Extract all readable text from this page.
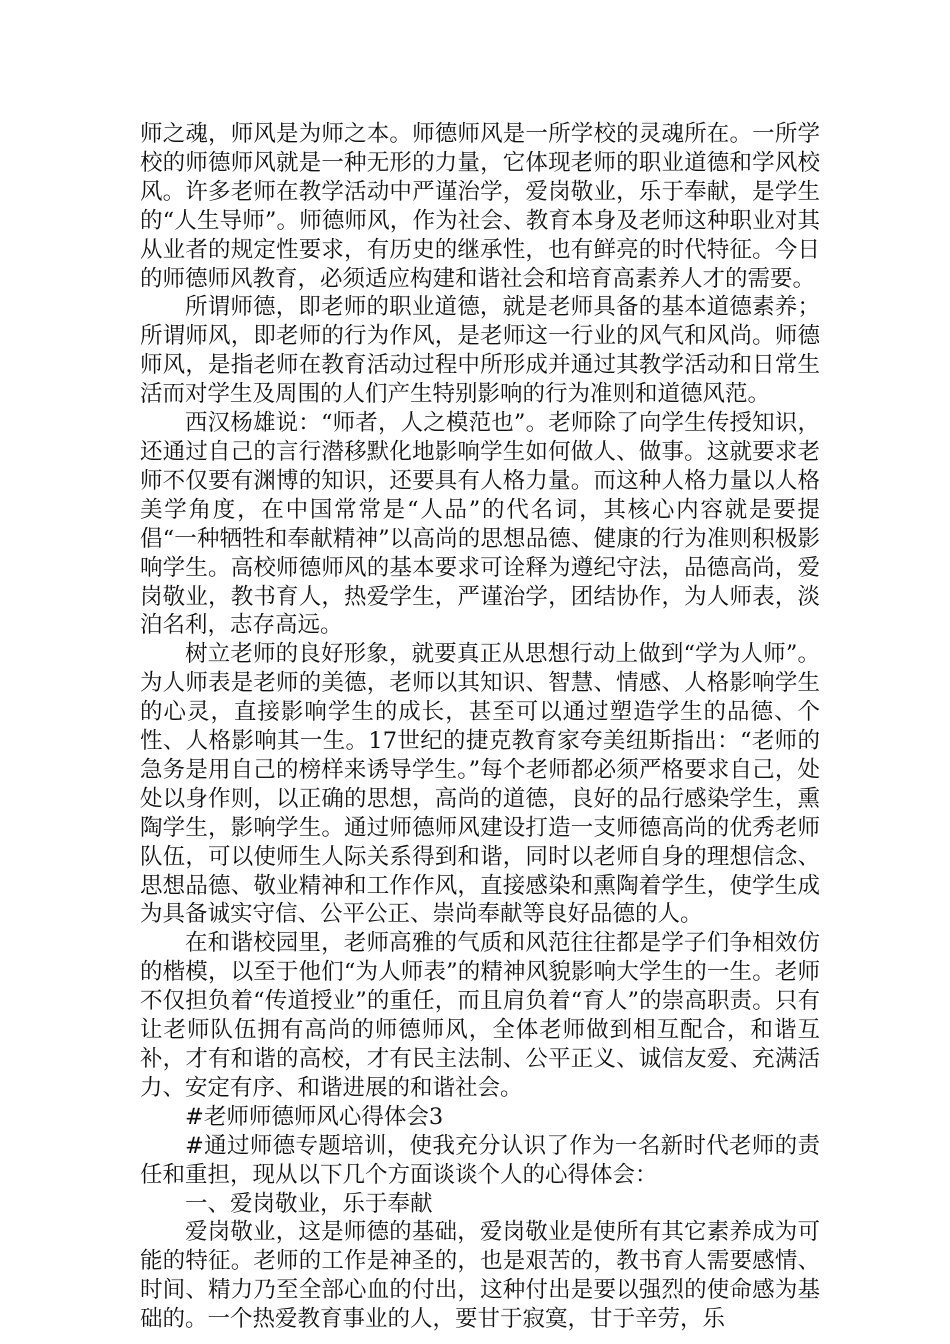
师之魂，师风是为师之本。师德师风是一所学校的灵魂所在。一所学校的师德师风就是一种无形的力量，它体现老师的职业道德和学风校风。许多老师在教学活动中严谨治学，爱岗敬业，乐于奉献，是学生的“人生导师”。师德师风，作为社会、教育本身及老师这种职业对其从业者的规定性要求，有历史的继承性，也有鲜亮的时代特征。今日的师德师风教育，必须适应构建和谐社会和培育高素养人才的需要。

所谓师德，即老师的职业道德，就是老师具备的基本道德素养；所谓师风，即老师的行为作风，是老师这一行业的风气和风尚。师德师风，是指老师在教育活动过程中所形成并通过其教学活动和日常生活而对学生及周围的人们产生特别影响的行为准则和道德风范。

西汉杨雄说：“师者，人之模范也”。老师除了向学生传授知识，还通过自己的言行潜移默化地影响学生如何做人、做事。这就要求老师不仅要有渊博的知识，还要具有人格力量。而这种人格力量以人格美学角度，在中国常常是“人品”的代名词，其核心内容就是要提倡“一种牺牲和奉献精神”以高尚的思想品德、健康的行为准则积极影响学生。高校师德师风的基本要求可诠释为遵纪守法，品德高尚，爱岗敬业，教书育人，热爱学生，严谨治学，团结协作，为人师表，淡泊名利，志存高远。

树立老师的良好形象，就要真正从思想行动上做到“学为人师”。为人师表是老师的美德，老师以其知识、智慧、情感、人格影响学生的心灵，直接影响学生的成长，甚至可以通过塑造学生的品德、个性、人格影响其一生。17世纪的捷克教育家夸美纽斯指出：“老师的急务是用自己的榜样来诱导学生。”每个老师都必须严格要求自己，处处以身作则，以正确的思想，高尚的道德，良好的品行感染学生，熏陶学生，影响学生。通过师德师风建设打造一支师德高尚的优秀老师队伍，可以使师生人际关系得到和谐，同时以老师自身的理想信念、思想品德、敬业精神和工作作风，直接感染和熏陶着学生，使学生成为具备诚实守信、公平公正、崇尚奉献等良好品德的人。

在和谐校园里，老师高雅的气质和风范往往都是学子们争相效仿的楷模，以至于他们“为人师表”的精神风貌影响大学生的一生。老师不仅担负着“传道授业”的重任，而且肩负着“育人”的崇高职责。只有让老师队伍拥有高尚的师德师风，全体老师做到相互配合，和谐互补，才有和谐的高校，才有民主法制、公平正义、诚信友爱、充满活力、安定有序、和谐进展的和谐社会。

#老师师德师风心得体会3

#通过师德专题培训，使我充分认识了作为一名新时代老师的责任和重担，现从以下几个方面谈谈个人的心得体会：

一、爱岗敬业，乐于奉献

爱岗敬业，这是师德的基础，爱岗敬业是使所有其它素养成为可能的特征。老师的工作是神圣的，也是艰苦的，教书育人需要感情、时间、精力乃至全部心血的付出，这种付出是要以强烈的使命感为基础的。一个热爱教育事业的人，要甘于寂寞，甘于辛劳，乐
